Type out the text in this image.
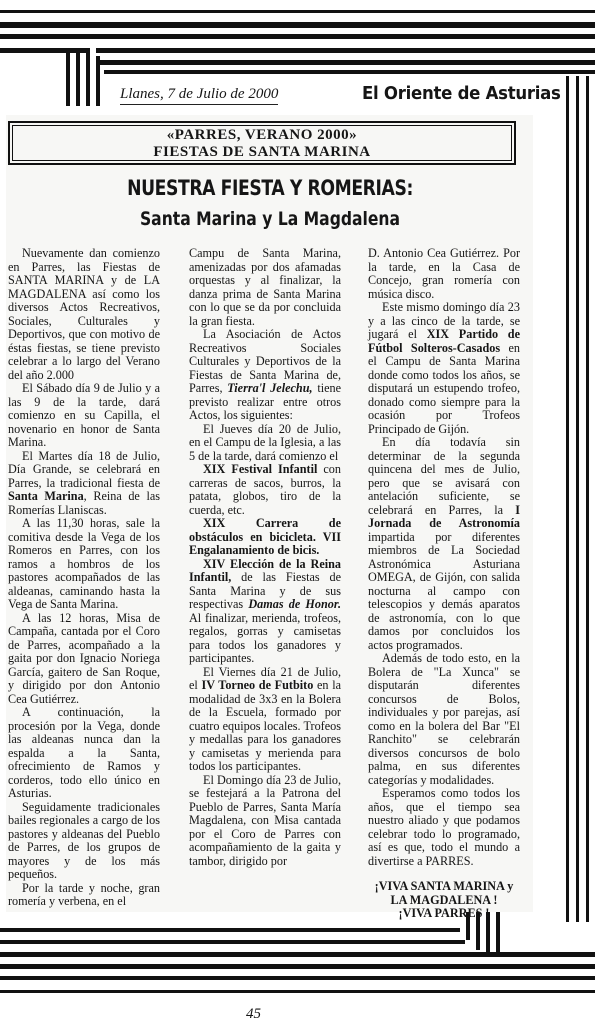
Llanes, 7 de Julio de 2000	El Oriente de Asturias
«PARRES, VERANO 2000»
FIESTAS DE SANTA MARINA
NUESTRA FIESTA Y ROMERIAS:
Santa Marina y La Magdalena

Nuevamente dan comienzo en Parres, las Fiestas de SANTA MARINA y de LA MAGDALENA así como los diversos Actos Recreativos, Sociales, Culturales y Deportivos, que con motivo de éstas fiestas, se tiene previsto celebrar a lo largo del Verano del año 2.000

El Sábado día 9 de Julio y a las 9 de la tarde, dará comienzo en su Capilla, el novenario en honor de Santa Marina.

El Martes día 18 de Julio, Día Grande, se celebrará en Parres, la tradicional fiesta de Santa Marina, Reina de las Romerías Llaniscas.

A las 11,30 horas, sale la comitiva desde la Vega de los Romeros en Parres, con los ramos a hombros de los pastores acompañados de las aldeanas, caminando hasta la Vega de Santa Marina.

A las 12 horas, Misa de Campaña, cantada por el Coro de Parres, acompañado a la gaita por don Ignacio Noriega García, gaitero de San Roque, y dirigido por don Antonio Cea Gutiérrez.

A continuación, la procesión por la Vega, donde las aldeanas nunca dan la espalda a la Santa, ofrecimiento de Ramos y corderos, todo ello único en Asturias.

Seguidamente tradicionales bailes regionales a cargo de los pastores y aldeanas del Pueblo de Parres, de los grupos de mayores y de los más pequeños.

Por la tarde y noche, gran romería y verbena, en el

Campu de Santa Marina, amenizadas por dos afamadas orquestas y al finalizar, la danza prima de Santa Marina con lo que se da por concluida la gran fiesta.

La Asociación de Actos Recreativos Sociales Culturales y Deportivos de la Fiestas de Santa Marina de, Parres, Tierra'l Jelechu, tiene previsto realizar entre otros Actos, los siguientes:

El Jueves día 20 de Julio, en el Campu de la Iglesia, a las 5 de la tarde, dará comienzo el

XIX Festival Infantil con carreras de sacos, burros, la patata, globos, tiro de la cuerda, etc.

XIX Carrera de obstáculos en bicicleta. VII Engalanamiento de bicis.

XIV Elección de la Reina Infantil, de las Fiestas de Santa Marina y de sus respectivas Damas de Honor. Al finalizar, merienda, trofeos, regalos, gorras y camisetas para todos los ganadores y participantes.

El Viernes día 21 de Julio, el IV Torneo de Futbito en la modalidad de 3x3 en la Bolera de la Escuela, formado por cuatro equipos locales. Trofeos y medallas para los ganadores y camisetas y merienda para todos los participantes.

El Domingo día 23 de Julio, se festejará a la Patrona del Pueblo de Parres, Santa María Magdalena, con Misa cantada por el Coro de Parres con acompañamiento de la gaita y tambor, dirigido por

D. Antonio Cea Gutiérrez. Por la tarde, en la Casa de Concejo, gran romería con música disco.

Este mismo domingo día 23 y a las cinco de la tarde, se jugará el XIX Partido de Fútbol Solteros-Casados en el Campu de Santa Marina donde como todos los años, se disputará un estupendo trofeo, donado como siempre para la ocasión por Trofeos Principado de Gijón.

En día todavía sin determinar de la segunda quincena del mes de Julio, pero que se avisará con antelación suficiente, se celebrará en Parres, la I Jornada de Astronomía impartida por diferentes miembros de La Sociedad Astronómica Asturiana OMEGA, de Gijón, con salida nocturna al campo con telescopios y demás aparatos de astronomía, con lo que damos por concluidos los actos programados.

Además de todo esto, en la Bolera de "La Xunca" se disputarán diferentes concursos de Bolos, individuales y por parejas, así como en la bolera del Bar "El Ranchito" se celebrarán diversos concursos de bolo palma, en sus diferentes categorías y modalidades.

Esperamos como todos los años, que el tiempo sea nuestro aliado y que podamos celebrar todo lo programado, así es que, todo el mundo a divertirse a PARRES.

¡VIVA SANTA MARINA y LA MAGDALENA !
¡VIVA PARRES !

45
